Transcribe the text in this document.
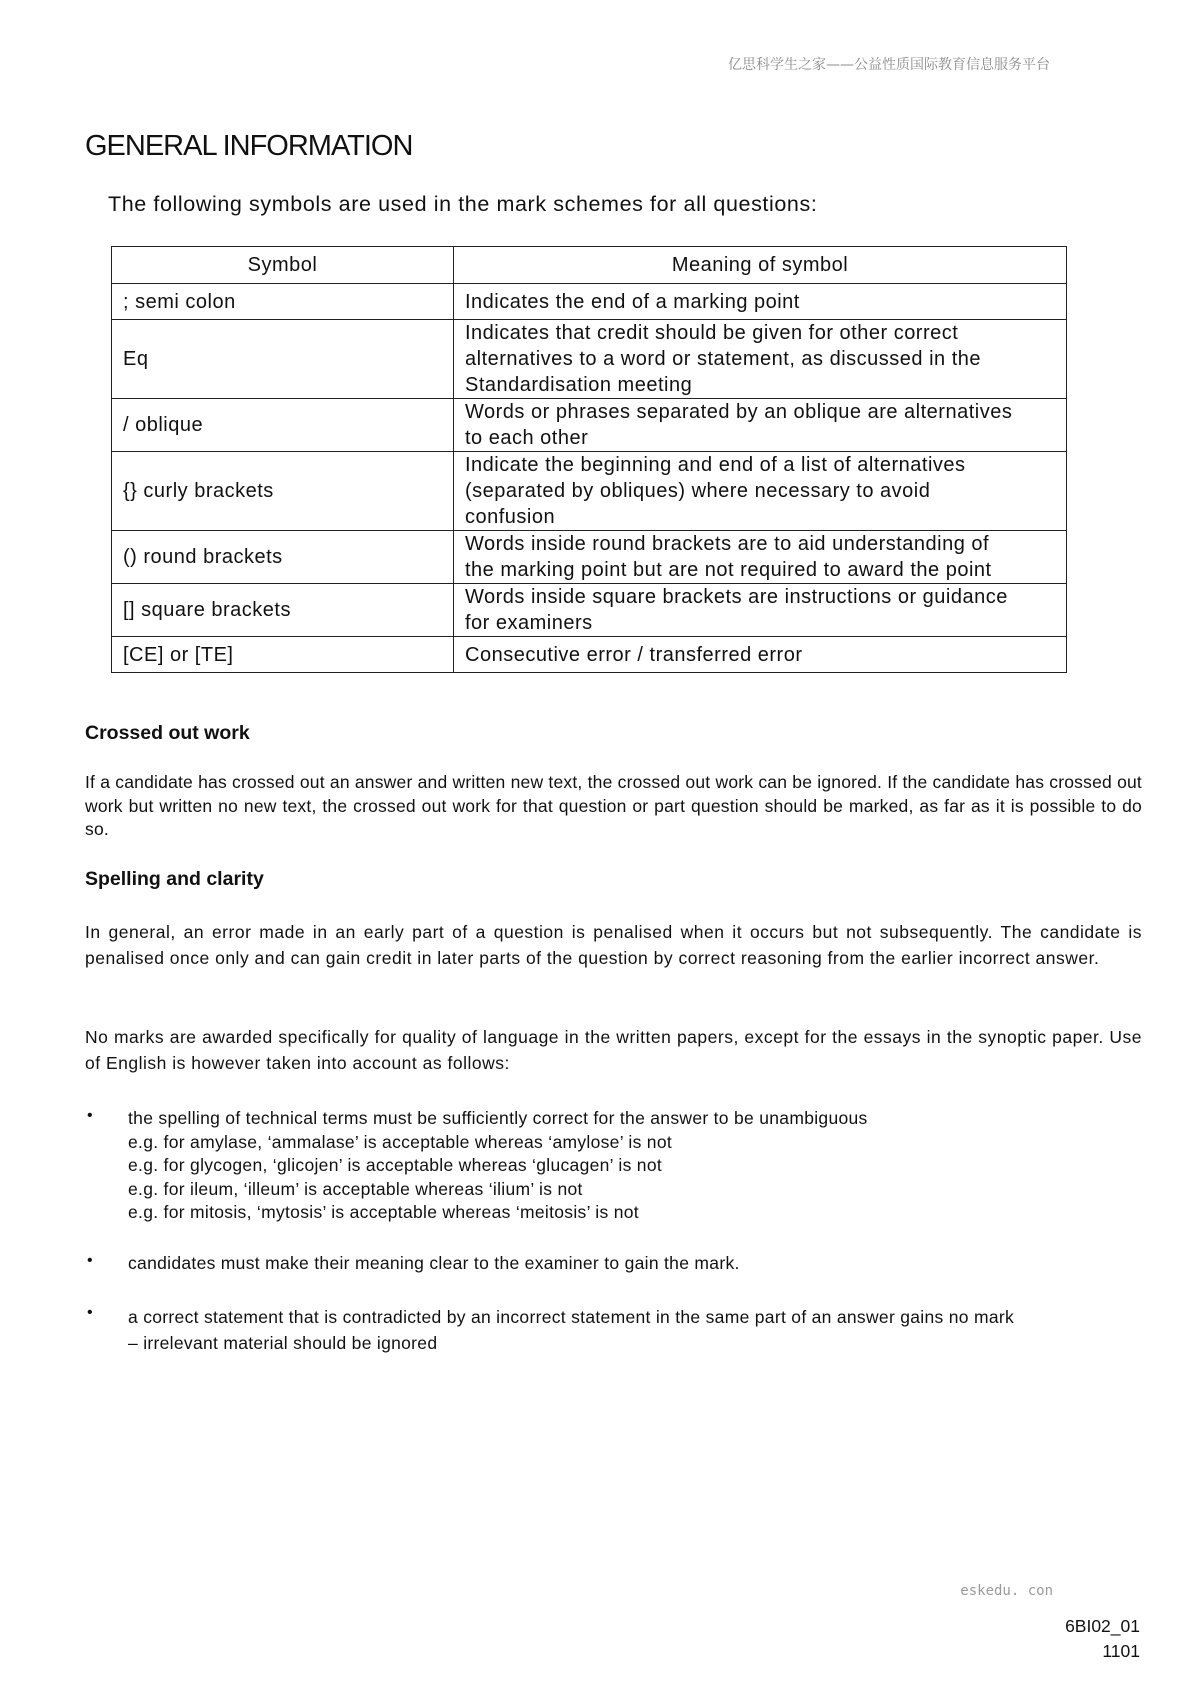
亿思科学生之家——公益性质国际教育信息服务平台
GENERAL INFORMATION
The following symbols are used in the mark schemes for all questions:
Symbol	Meaning of symbol
; semi colon	Indicates the end of a marking point

Eq	Indicates that credit should be given for other correct
alternatives to a word or statement, as discussed in the
Standardisation meeting

/ oblique	Words or phrases separated by an oblique are alternatives
to each other

{} curly brackets	Indicate the beginning and end of a list of alternatives
(separated by obliques) where necessary to avoid
confusion

() round brackets	Words inside round brackets are to aid understanding of
the marking point but are not required to award the point

[] square brackets	Words inside square brackets are instructions or guidance
for examiners

[CE] or [TE]	Consecutive error / transferred error
Crossed out work
If a candidate has crossed out an answer and written new text, the crossed out work can be ignored. If the candidate has crossed out work but written no new text, the crossed out work for that question or part question should be marked, as far as it is possible to do so.
Spelling and clarity
In general, an error made in an early part of a question is penalised when it occurs but not subsequently. The candidate is penalised once only and can gain credit in later parts of the question by correct reasoning from the earlier incorrect answer.
No marks are awarded specifically for quality of language in the written papers, except for the essays in the synoptic paper. Use of English is however taken into account as follows:
• the spelling of technical terms must be sufficiently correct for the answer to be unambiguous
e.g. for amylase, ‘ammalase’ is acceptable whereas ‘amylose’ is not
e.g. for glycogen, ‘glicojen’ is acceptable whereas ‘glucagen’ is not
e.g. for ileum, ‘illeum’ is acceptable whereas ‘ilium’ is not
e.g. for mitosis, ‘mytosis’ is acceptable whereas ‘meitosis’ is not
• candidates must make their meaning clear to the examiner to gain the mark.
• a correct statement that is contradicted by an incorrect statement in the same part of an answer gains no mark
– irrelevant material should be ignored
eskedu. con
6BI02_01
1101
